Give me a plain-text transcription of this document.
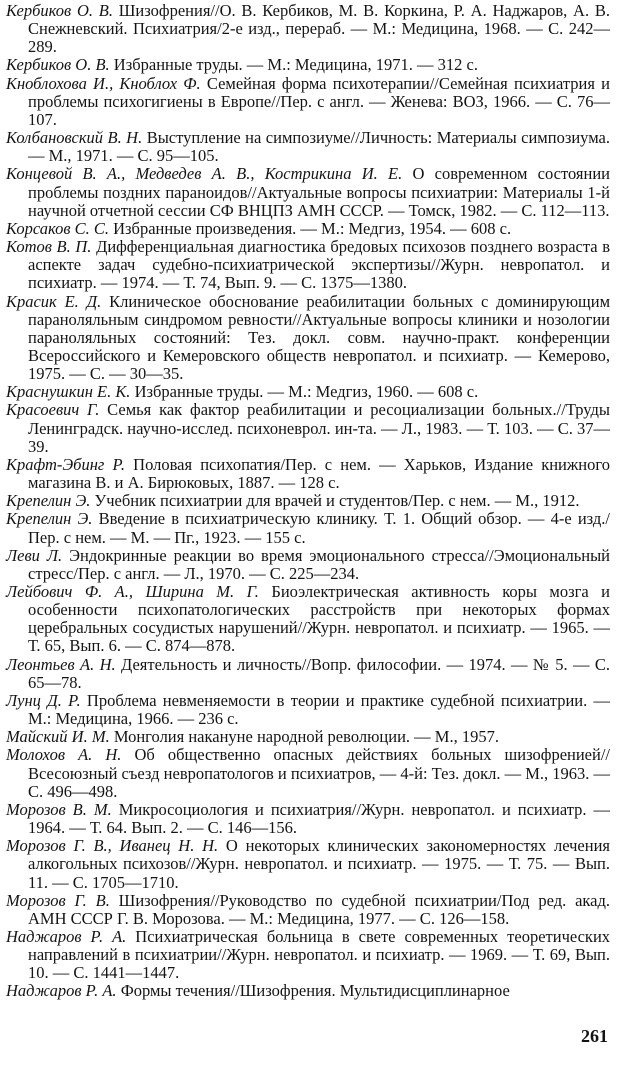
Кербиков О. В. Шизофрения//О. В. Кербиков, М. В. Коркина, Р. А. Наджаров, А. В. Снежневский. Психиатрия/2-е изд., перераб. — М.: Медицина, 1968. — С. 242—289.
Кербиков О. В. Избранные труды. — М.: Медицина, 1971. — 312 с.
Кноблохова И., Кноблох Ф. Семейная форма психотерапии//Семейная психиатрия и проблемы психогигиены в Европе//Пер. с англ. — Женева: ВОЗ, 1966. — С. 76—107.
Колбановский В. Н. Выступление на симпозиуме//Личность: Материалы симпозиума. — М., 1971. — С. 95—105.
Концевой В. А., Медведев А. В., Кострикина И. Е. О современном состоянии проблемы поздних параноидов//Актуальные вопросы психиатрии: Материалы 1-й научной отчетной сессии СФ ВНЦПЗ АМН СССР. — Томск, 1982. — С. 112—113.
Корсаков С. С. Избранные произведения. — М.: Медгиз, 1954. — 608 с.
Котов В. П. Дифференциальная диагностика бредовых психозов позднего возраста в аспекте задач судебно-психиатрической экспертизы//Журн. невропатол. и психиатр. — 1974. — Т. 74, Вып. 9. — С. 1375—1380.
Красик Е. Д. Клиническое обоснование реабилитации больных с доминирующим параноляльным синдромом ревности//Актуальные вопросы клиники и нозологии параноляльных состояний: Тез. докл. совм. научно-практ. конференции Всероссийского и Кемеровского обществ невропатол. и психиатр. — Кемерово, 1975. — С. — 30—35.
Краснушкин Е. К. Избранные труды. — М.: Медгиз, 1960. — 608 с.
Красоевич Г. Семья как фактор реабилитации и ресоциализации больных.//Труды Ленинградск. научно-исслед. психоневрол. ин-та. — Л., 1983. — Т. 103. — С. 37—39.
Крафт-Эбинг Р. Половая психопатия/Пер. с нем. — Харьков, Издание книжного магазина В. и А. Бирюковых, 1887. — 128 с.
Крепелин Э. Учебник психиатрии для врачей и студентов/Пер. с нем. — М., 1912.
Крепелин Э. Введение в психиатрическую клинику. Т. 1. Общий обзор. — 4-е изд./Пер. с нем. — М. — Пг., 1923. — 155 с.
Леви Л. Эндокринные реакции во время эмоционального стресса//Эмоциональный стресс/Пер. с англ. — Л., 1970. — С. 225—234.
Лейбович Ф. А., Ширина М. Г. Биоэлектрическая активность коры мозга и особенности психопатологических расстройств при некоторых формах церебральных сосудистых нарушений//Журн. невропатол. и психиатр. — 1965. — Т. 65, Вып. 6. — С. 874—878.
Леонтьев А. Н. Деятельность и личность//Вопр. философии. — 1974. — № 5. — С. 65—78.
Лунц Д. Р. Проблема невменяемости в теории и практике судебной психиатрии. — М.: Медицина, 1966. — 236 с.
Майский И. М. Монголия накануне народной революции. — М., 1957.
Молохов А. Н. Об общественно опасных действиях больных шизофренией//Всесоюзный съезд невропатологов и психиатров, — 4-й: Тез. докл. — М., 1963. — С. 496—498.
Морозов В. М. Микросоциология и психиатрия//Журн. невропатол. и психиатр. — 1964. — Т. 64. Вып. 2. — С. 146—156.
Морозов Г. В., Иванец Н. Н. О некоторых клинических закономерностях лечения алкогольных психозов//Журн. невропатол. и психиатр. — 1975. — Т. 75. — Вып. 11. — С. 1705—1710.
Морозов Г. В. Шизофрения//Руководство по судебной психиатрии/Под ред. акад. АМН СССР Г. В. Морозова. — М.: Медицина, 1977. — С. 126—158.
Наджаров Р. А. Психиатрическая больница в свете современных теоретических направлений в психиатрии//Журн. невропатол. и психиатр. — 1969. — Т. 69, Вып. 10. — С. 1441—1447.
Наджаров Р. А. Формы течения//Шизофрения. Мультидисциплинарное
261
